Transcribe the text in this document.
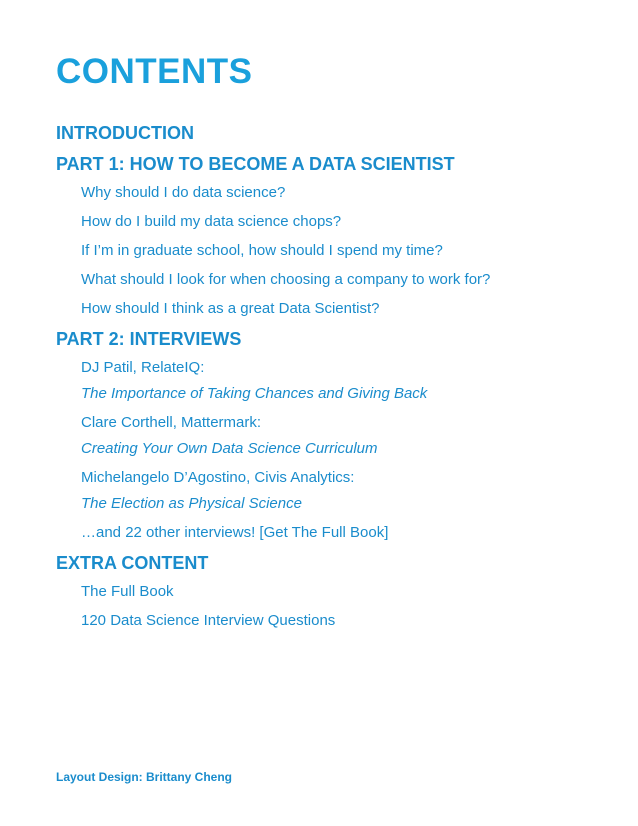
CONTENTS
INTRODUCTION
PART 1: HOW TO BECOME A DATA SCIENTIST
Why should I do data science?
How do I build my data science chops?
If I’m in graduate school, how should I spend my time?
What should I look for when choosing a company to work for?
How should I think as a great Data Scientist?
PART 2: INTERVIEWS
DJ Patil, RelateIQ:
The Importance of Taking Chances and Giving Back
Clare Corthell, Mattermark:
Creating Your Own Data Science Curriculum
Michelangelo D’Agostino, Civis Analytics:
The Election as Physical Science
…and 22 other interviews! [Get The Full Book]
EXTRA CONTENT
The Full Book
120 Data Science Interview Questions
Layout Design: Brittany Cheng
